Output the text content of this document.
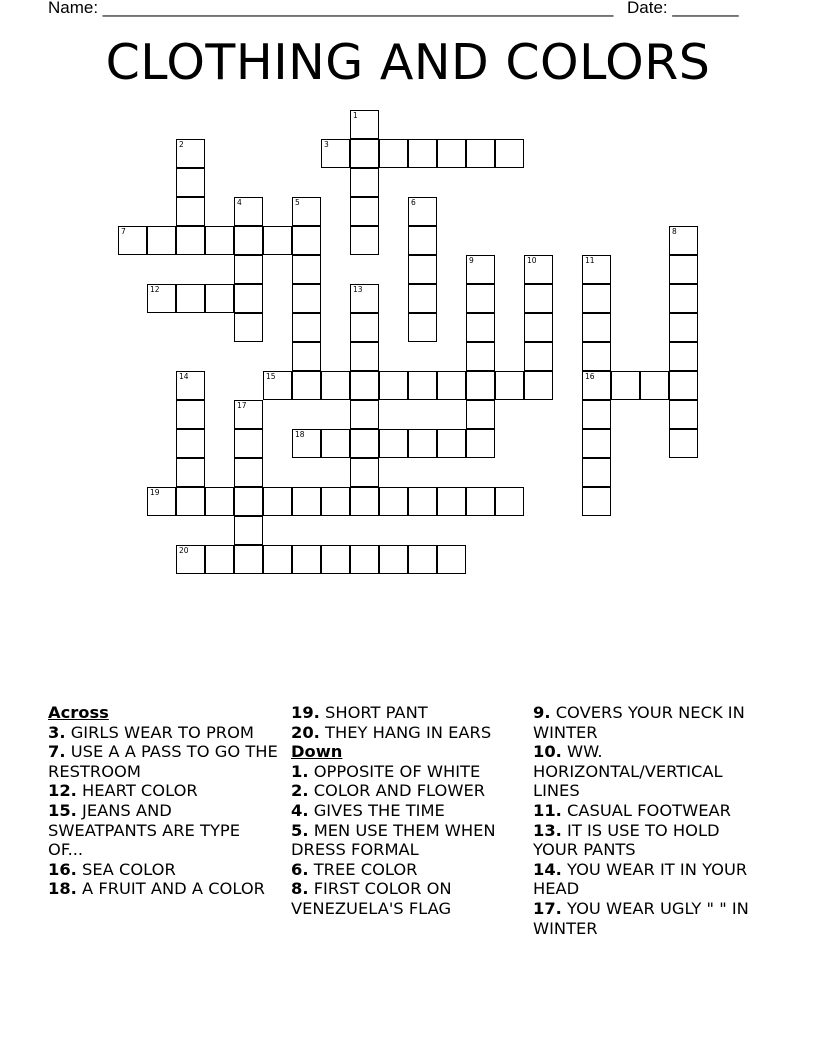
Name: ______________________________________________________ Date: _______
CLOTHING AND COLORS
1
2	3
4	5	6
7	8
9	10	11
12	13
14	15	16
17
18
19
20
Across
3. GIRLS WEAR TO PROM
7. USE A A PASS TO GO THE RESTROOM
12. HEART COLOR
15. JEANS AND SWEATPANTS ARE TYPE OF...
16. SEA COLOR
18. A FRUIT AND A COLOR
19. SHORT PANT
20. THEY HANG IN EARS
Down
1. OPPOSITE OF WHITE
2. COLOR AND FLOWER
4. GIVES THE TIME
5. MEN USE THEM WHEN DRESS FORMAL
6. TREE COLOR
8. FIRST COLOR ON VENEZUELA'S FLAG
9. COVERS YOUR NECK IN WINTER
10. WW. HORIZONTAL/VERTICAL LINES
11. CASUAL FOOTWEAR
13. IT IS USE TO HOLD YOUR PANTS
14. YOU WEAR IT IN YOUR HEAD
17. YOU WEAR UGLY " " IN WINTER
